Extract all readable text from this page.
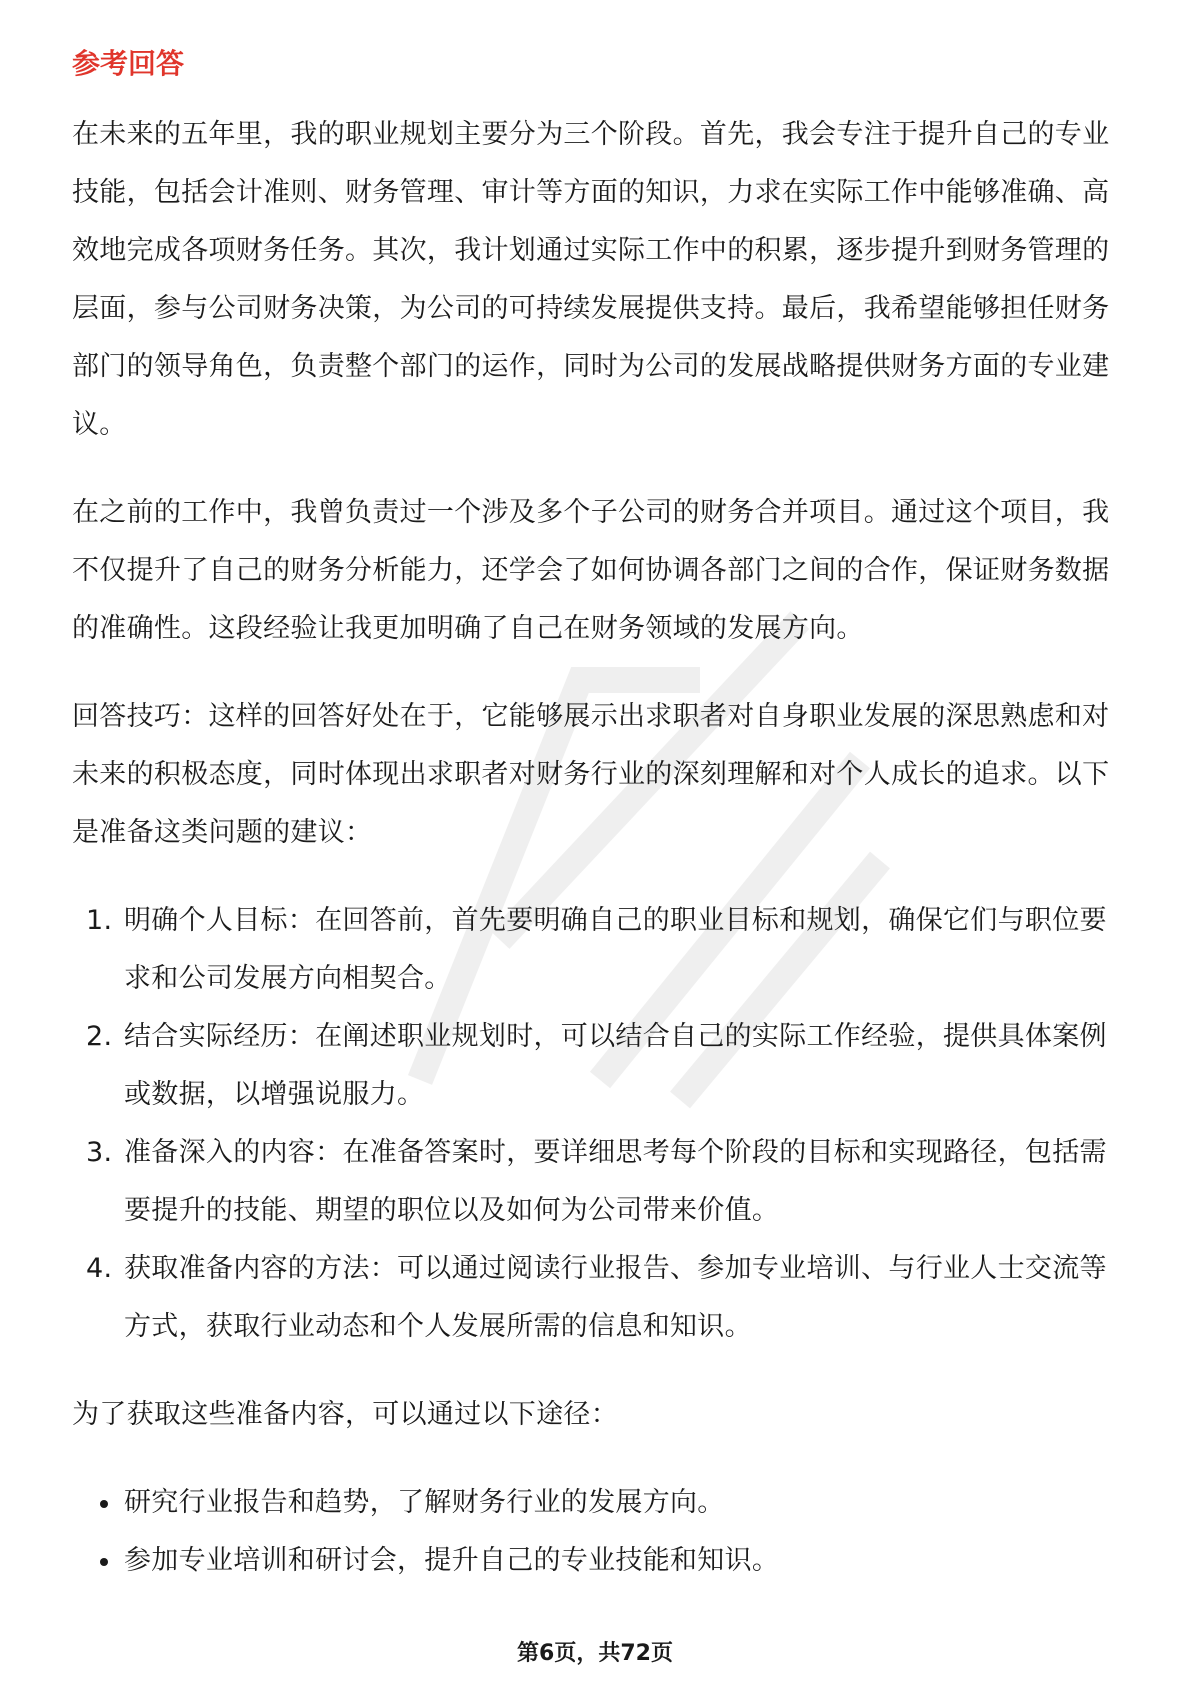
参考回答

在未来的五年里，我的职业规划主要分为三个阶段。首先，我会专注于提升自己的专业技能，包括会计准则、财务管理、审计等方面的知识，力求在实际工作中能够准确、高效地完成各项财务任务。其次，我计划通过实际工作中的积累，逐步提升到财务管理的层面，参与公司财务决策，为公司的可持续发展提供支持。最后，我希望能够担任财务部门的领导角色，负责整个部门的运作，同时为公司的发展战略提供财务方面的专业建议。

在之前的工作中，我曾负责过一个涉及多个子公司的财务合并项目。通过这个项目，我不仅提升了自己的财务分析能力，还学会了如何协调各部门之间的合作，保证财务数据的准确性。这段经验让我更加明确了自己在财务领域的发展方向。

回答技巧：这样的回答好处在于，它能够展示出求职者对自身职业发展的深思熟虑和对未来的积极态度，同时体现出求职者对财务行业的深刻理解和对个人成长的追求。以下是准备这类问题的建议：

1. 明确个人目标：在回答前，首先要明确自己的职业目标和规划，确保它们与职位要求和公司发展方向相契合。
2. 结合实际经历：在阐述职业规划时，可以结合自己的实际工作经验，提供具体案例或数据，以增强说服力。
3. 准备深入的内容：在准备答案时，要详细思考每个阶段的目标和实现路径，包括需要提升的技能、期望的职位以及如何为公司带来价值。
4. 获取准备内容的方法：可以通过阅读行业报告、参加专业培训、与行业人士交流等方式，获取行业动态和个人发展所需的信息和知识。

为了获取这些准备内容，可以通过以下途径：

研究行业报告和趋势，了解财务行业的发展方向。
参加专业培训和研讨会，提升自己的专业技能和知识。
第6页，共72页
